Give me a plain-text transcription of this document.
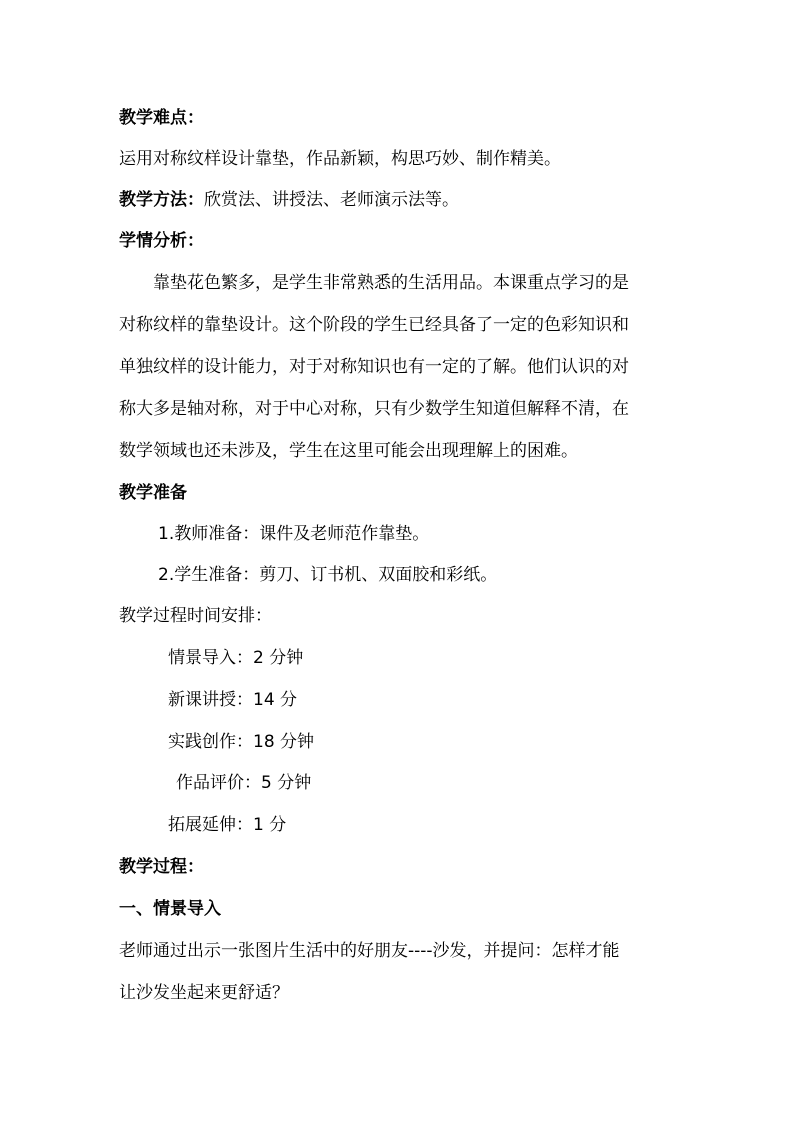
教学难点：

运用对称纹样设计靠垫，作品新颖，构思巧妙、制作精美。

教学方法：欣赏法、讲授法、老师演示法等。

学情分析：

靠垫花色繁多，是学生非常熟悉的生活用品。本课重点学习的是

对称纹样的靠垫设计。这个阶段的学生已经具备了一定的色彩知识和

单独纹样的设计能力，对于对称知识也有一定的了解。他们认识的对

称大多是轴对称，对于中心对称，只有少数学生知道但解释不清，在

数学领域也还未涉及，学生在这里可能会出现理解上的困难。

教学准备

1.教师准备：课件及老师范作靠垫。

2.学生准备：剪刀、订书机、双面胶和彩纸。

教学过程时间安排：

情景导入：2 分钟

新课讲授：14 分

实践创作：18 分钟

作品评价：5 分钟

拓展延伸：1 分

教学过程：

一、情景导入

老师通过出示一张图片生活中的好朋友----沙发，并提问：怎样才能

让沙发坐起来更舒适？
